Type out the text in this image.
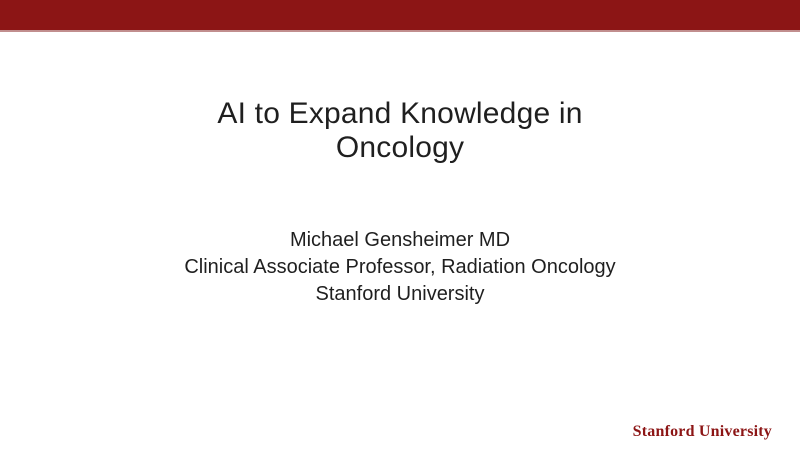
AI to Expand Knowledge in
Oncology
Michael Gensheimer MD
Clinical Associate Professor, Radiation Oncology
Stanford University
Stanford University
